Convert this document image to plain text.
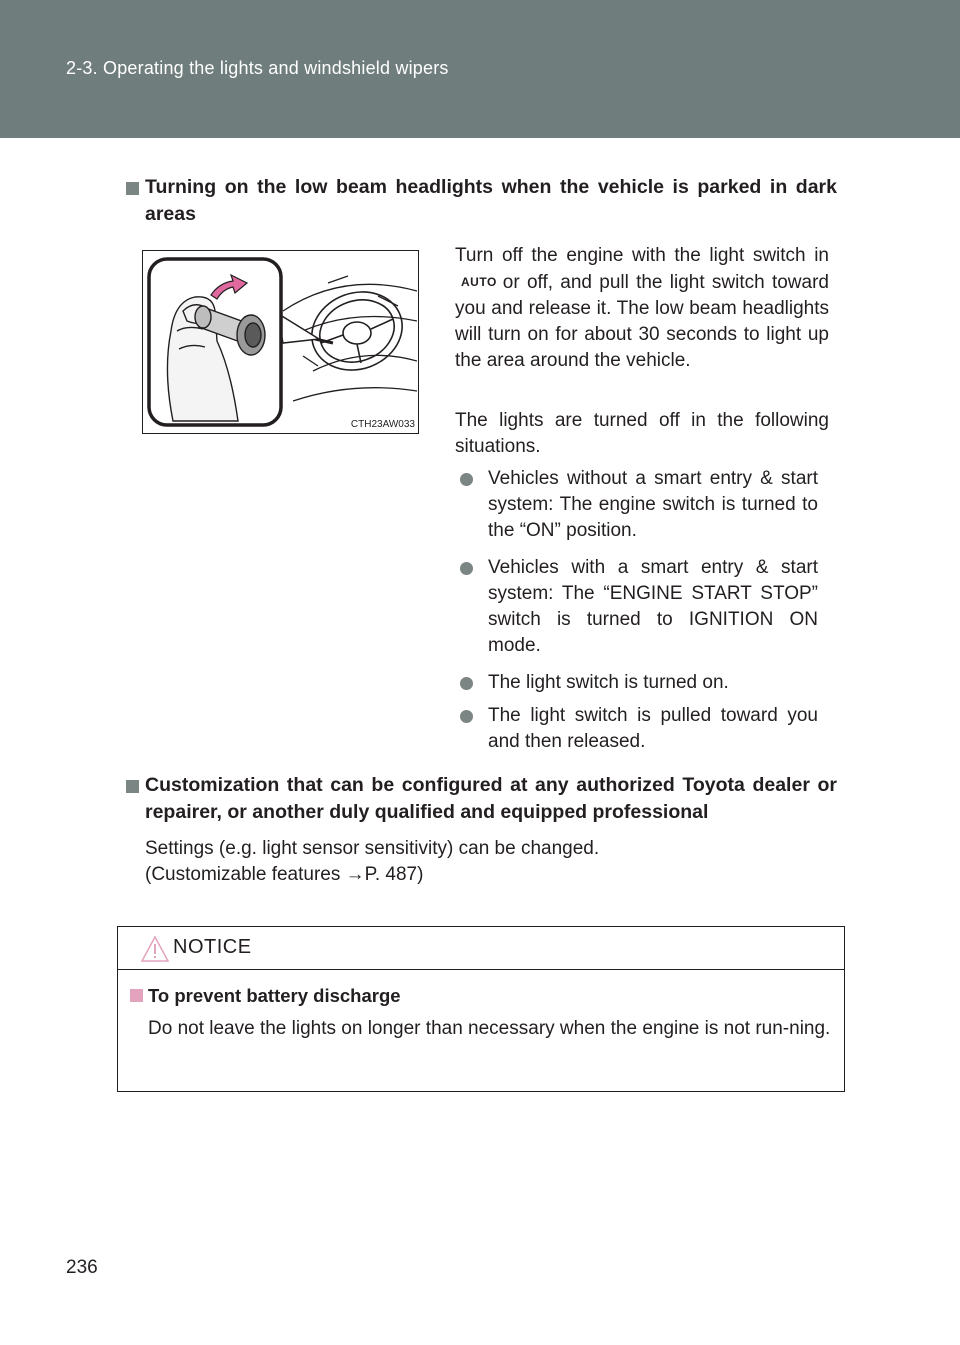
2-3. Operating the lights and windshield wipers
Turning on the low beam headlights when the vehicle is parked in dark areas
CTH23AW033
Turn off the engine with the light switch inAUTO or off, and pull the light switch toward you and release it. The low beam headlights will turn on for about 30 seconds to light up the area around the vehicle.
The lights are turned off in the following situations.
Vehicles without a smart entry & start system: The engine switch is turned to the “ON” position.
Vehicles with a smart entry & start system: The “ENGINE START STOP” switch is turned to IGNITION ON mode.
The light switch is turned on.
The light switch is pulled toward you and then released.
Customization that can be configured at any authorized Toyota dealer or repairer, or another duly qualified and equipped professional
Settings (e.g. light sensor sensitivity) can be changed.
(Customizable features →P. 487)
NOTICE
To prevent battery discharge
Do not leave the lights on longer than necessary when the engine is not run-ning.
236
